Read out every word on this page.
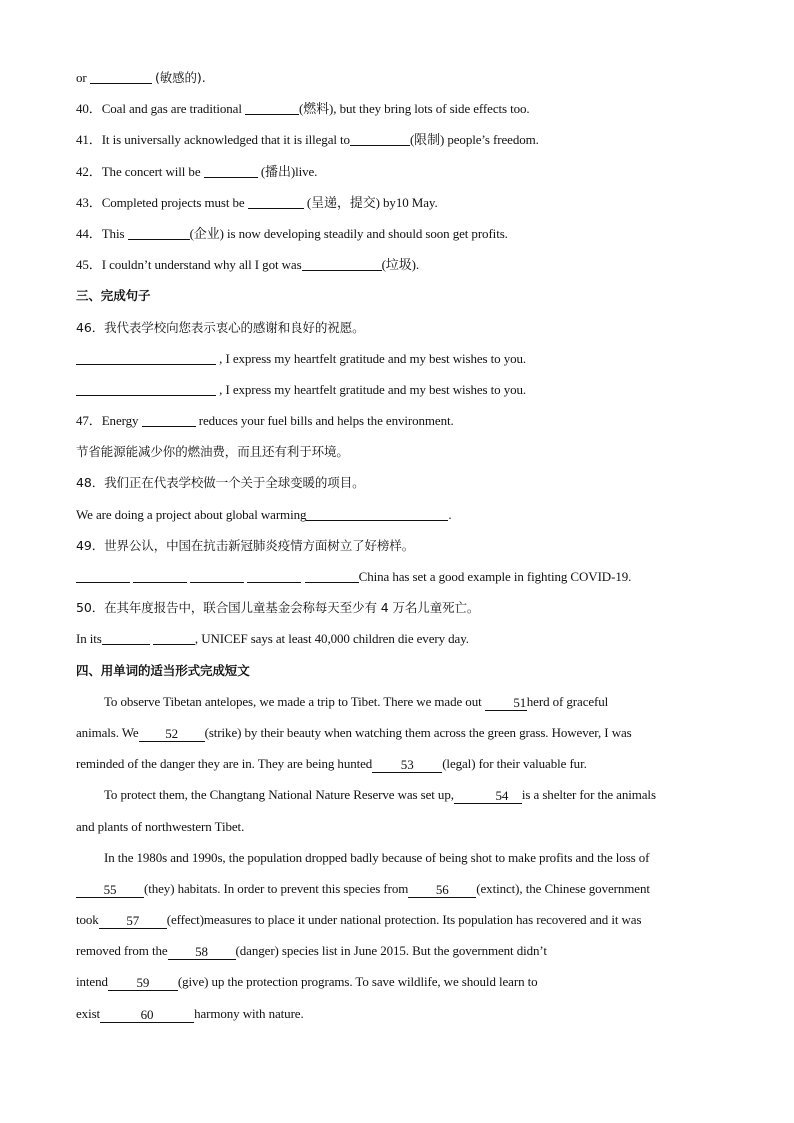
or	(敏感的).
40．Coal and gas are traditional	(燃料), but they bring lots of side effects too.
41．It is universally acknowledged that it is illegal to	(限制) people’s freedom.
42．The concert will be	(播出)live.
43．Completed projects must be	(呈递，提交) by10 May.
44．This	(企业) is now developing steadily and should soon get profits.
45．I couldn’t understand why all I got was	(垃圾).
三、完成句子
46．我代表学校向您表示衷心的感谢和良好的祝愿。
, I express my heartfelt gratitude and my best wishes to you.
, I express my heartfelt gratitude and my best wishes to you.
47．Energy	reduces your fuel bills and helps the environment.
节省能源能减少你的燃油费，而且还有利于环境。
48．我们正在代表学校做一个关于全球变暖的项目。
We are doing a project about global warming	.
49．世界公认，中国在抗击新冠肺炎疫情方面树立了好榜样。
China has set a good example in fighting COVID-19.
50．在其年度报告中，联合国儿童基金会称每天至少有 4 万名儿童死亡。
In its	, UNICEF says at least 40,000 children die every day.
四、用单词的适当形式完成短文
To observe Tibetan antelopes, we made a trip to Tibet. There we made out 51herd of graceful
animals. We 52 (strike) by their beauty when watching them across the green grass. However, I was
reminded of the danger they are in. They are being hunted 53 (legal) for their valuable fur.
To protect them, the Changtang National Nature Reserve was set up,	54 is a shelter for the animals
and plants of northwestern Tibet.
In the 1980s and 1990s, the population dropped badly because of being shot to make profits and the loss of
55 (they) habitats. In order to prevent this species from 56 (extinct), the Chinese government
took 57 (effect)measures to place it under national protection. Its population has recovered and it was
removed from the 58 (danger) species list in June 2015. But the government didn’t
intend 59 (give) up the protection programs. To save wildlife, we should learn to
exist	60	harmony with nature.
